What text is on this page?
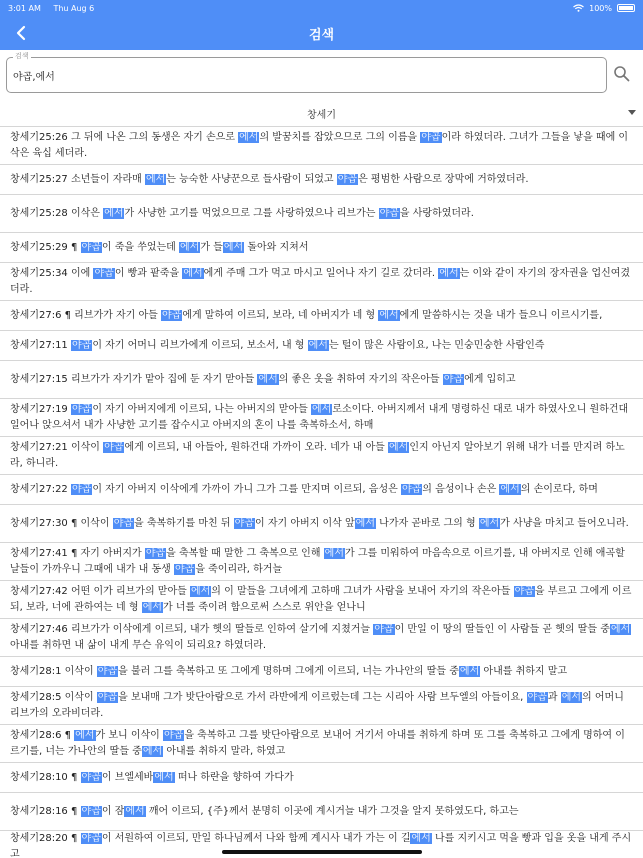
3:01 AM Thu Aug 6	100%
검색
검색
야곱,에서
창세기
창세기25:26 그 뒤에 나온 그의 동생은 자기 손으로 에서의 발꿈치를 잡았으므로 그의 이름을 야곱이라 하였더라. 그녀가 그들을 낳을 때에 이삭은 육십 세더라.
창세기25:27 소년들이 자라매 에서는 능숙한 사냥꾼으로 들사람이 되었고 야곱은 평범한 사람으로 장막에 거하였더라.
창세기25:28 이삭은 에서가 사냥한 고기를 먹었으므로 그를 사랑하였으나 리브가는 야곱을 사랑하였더라.
창세기25:29 ¶ 야곱이 죽을 쑤었는데 에서가 들에서 돌아와 지쳐서
창세기25:34 이에 야곱이 빵과 팥죽을 에서에게 주매 그가 먹고 마시고 일어나 자기 길로 갔더라. 에서는 이와 같이 자기의 장자권을 업신여겼더라.
창세기27:6 ¶ 리브가가 자기 아들 야곱에게 말하여 이르되, 보라, 네 아버지가 네 형 에서에게 말씀하시는 것을 내가 들으니 이르시기를,
창세기27:11 야곱이 자기 어머니 리브가에게 이르되, 보소서, 내 형 에서는 털이 많은 사람이요, 나는 민숭민숭한 사람인즉
창세기27:15 리브가가 자기가 맡아 집에 둔 자기 맏아들 에서의 좋은 옷을 취하여 자기의 작은아들 야곱에게 입히고
창세기27:19 야곱이 자기 아버지에게 이르되, 나는 아버지의 맏아들 에서로소이다. 아버지께서 내게 명령하신 대로 내가 하였사오니 원하건대 일어나 앉으셔서 내가 사냥한 고기를 잡수시고 아버지의 혼이 나를 축복하소서, 하매
창세기27:21 이삭이 야곱에게 이르되, 내 아들아, 원하건대 가까이 오라. 네가 내 아들 에서인지 아닌지 알아보기 위해 내가 너를 만지려 하노라, 하니라.
창세기27:22 야곱이 자기 아버지 이삭에게 가까이 가니 그가 그를 만지며 이르되, 음성은 야곱의 음성이나 손은 에서의 손이로다, 하며
창세기27:30 ¶ 이삭이 야곱을 축복하기를 마친 뒤 야곱이 자기 아버지 이삭 앞에서 나가자 곧바로 그의 형 에서가 사냥을 마치고 들어오니라.
창세기27:41 ¶ 자기 아버지가 야곱을 축복할 때 말한 그 축복으로 인해 에서가 그를 미워하여 마음속으로 이르기를, 내 아버지로 인해 애곡할 날들이 가까우니 그때에 내가 내 동생 야곱을 죽이리라, 하거늘
창세기27:42 어떤 이가 리브가의 맏아들 에서의 이 말들을 그녀에게 고하매 그녀가 사람을 보내어 자기의 작은아들 야곱을 부르고 그에게 이르되, 보라, 너에 관하여는 네 형 에서가 너를 죽이려 함으로써 스스로 위안을 얻나니
창세기27:46 리브가가 이삭에게 이르되, 내가 헷의 딸들로 인하여 살기에 지쳤거늘 야곱이 만일 이 땅의 딸들인 이 사람들 곧 헷의 딸들 중에서 아내를 취하면 내 삶이 내게 무슨 유익이 되리요? 하였더라.
창세기28:1 이삭이 야곱을 불러 그를 축복하고 또 그에게 명하며 그에게 이르되, 너는 가나안의 딸들 중에서 아내를 취하지 말고
창세기28:5 이삭이 야곱을 보내매 그가 밧단아람으로 가서 라반에게 이르렀는데 그는 시리아 사람 브두엘의 아들이요, 야곱과 에서의 어머니 리브가의 오라비더라.
창세기28:6 ¶ 에서가 보니 이삭이 야곱을 축복하고 그를 밧단아람으로 보내어 거기서 아내를 취하게 하며 또 그를 축복하고 그에게 명하여 이르기를, 너는 가나안의 딸들 중에서 아내를 취하지 말라, 하였고
창세기28:10 ¶ 야곱이 브엘세바에서 떠나 하란을 향하여 가다가
창세기28:16 ¶ 야곱이 잠에서 깨어 이르되, {주}께서 분명히 이곳에 계시거늘 내가 그것을 알지 못하였도다, 하고는
창세기28:20 ¶ 야곱이 서원하여 이르되, 만일 하나님께서 나와 함께 계시사 내가 가는 이 길에서 나를 지키시고 먹을 빵과 입을 옷을 내게 주시고
